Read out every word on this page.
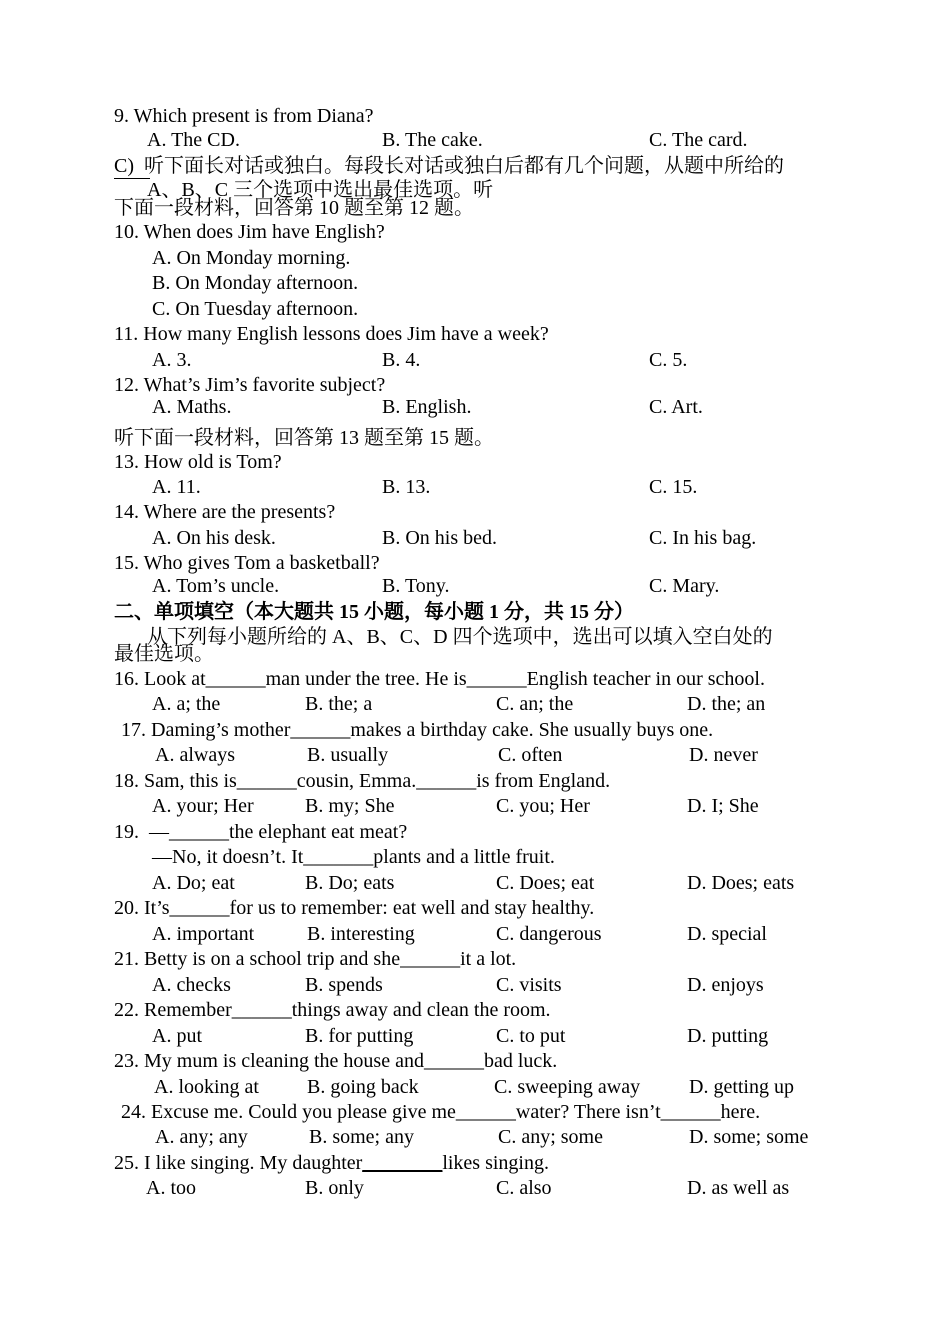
9. Which present is from Diana?
A. The CD.	B. The cake.	C. The card.
C)  听下面长对话或独白。每段长对话或独白后都有几个问题，从题中所给的
A、B、C 三个选项中选出最佳选项。听
下面一段材料，回答第 10 题至第 12 题。
10. When does Jim have English?
A. On Monday morning.
B. On Monday afternoon.
C. On Tuesday afternoon.
11. How many English lessons does Jim have a week?
A. 3.	B. 4.	C. 5.
12. What’s Jim’s favorite subject?
A. Maths.	B. English.	C. Art.
听下面一段材料，回答第 13 题至第 15 题。
13. How old is Tom?
A. 11.	B. 13.	C. 15.
14. Where are the presents?
A. On his desk.	B. On his bed.	C. In his bag.
15. Who gives Tom a basketball?
A. Tom’s uncle.	B. Tony.	C. Mary.
二、单项填空（本大题共 15 小题，每小题 1 分，共 15 分）
从下列每小题所给的 A、B、C、D 四个选项中，选出可以填入空白处的
最佳选项。
16. Look at______man under the tree. He is______English teacher in our school.
A. a; the	B. the; a	C. an; the	D. the; an
17. Daming’s mother______makes a birthday cake. She usually buys one.
A. always	B. usually	C. often	D. never
18. Sam, this is______cousin, Emma.______is from England.
A. your; Her	B. my; She	C. you; Her	D. I; She
19.  —______the elephant eat meat?
—No, it doesn’t. It_______plants and a little fruit.
A. Do; eat	B. Do; eats	C. Does; eat	D. Does; eats
20. It’s______for us to remember: eat well and stay healthy.
A. important	B. interesting	C. dangerous	D. special
21. Betty is on a school trip and she______it a lot.
A. checks	B. spends	C. visits	D. enjoys
22. Remember______things away and clean the room.
A. put	B. for putting	C. to put	D. putting
23. My mum is cleaning the house and______bad luck.
A. looking at B. going back	C. sweeping away D. getting up
24. Excuse me. Could you please give me______water? There isn’t______here.
A. any; any	B. some; any	C. any; some	D. some; some
25. I like singing. My daughter________likes singing.
A. too	B. only	C. also	D. as well as
